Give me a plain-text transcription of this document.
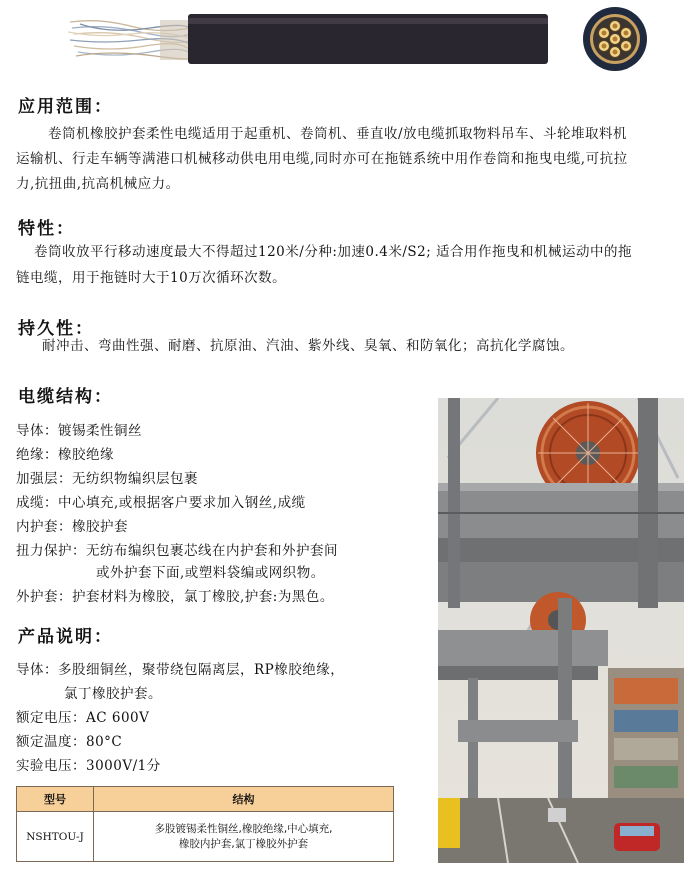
应用范围：
卷筒机橡胶护套柔性电缆适用于起重机、卷筒机、垂直收/放电缆抓取物料吊车、斗轮堆取料机
运输机、行走车辆等满港口机械移动供电用电缆,同时亦可在拖链系统中用作卷筒和拖曳电缆,可抗拉
力,抗扭曲,抗高机械应力。
特性：
卷筒收放平行移动速度最大不得超过120米/分种:加速0.4米/S2; 适合用作拖曳和机械运动中的拖
链电缆，用于拖链时大于10万次循环次数。
持久性：
耐冲击、弯曲性强、耐磨、抗原油、汽油、紫外线、臭氧、和防氧化；高抗化学腐蚀。
电缆结构：
导体：镀锡柔性铜丝
绝缘：橡胶绝缘
加强层：无纺织物编织层包裹
成缆：中心填充,或根据客户要求加入钢丝,成缆
内护套：橡胶护套
扭力保护：无纺布编织包裹芯线在内护套和外护套间
或外护套下面,或塑料袋编或网织物。
外护套：护套材料为橡胶，氯丁橡胶,护套:为黑色。
产品说明：
导体：多股细铜丝，聚带绕包隔离层，RP橡胶绝缘，
氯丁橡胶护套。
额定电压：AC 600V
额定温度：80°C
实验电压：3000V/1分
型号	结构
NSHTOU-J	多股镀锡柔性铜丝,橡胶绝缘,中心填充,
橡胶内护套,氯丁橡胶外护套
